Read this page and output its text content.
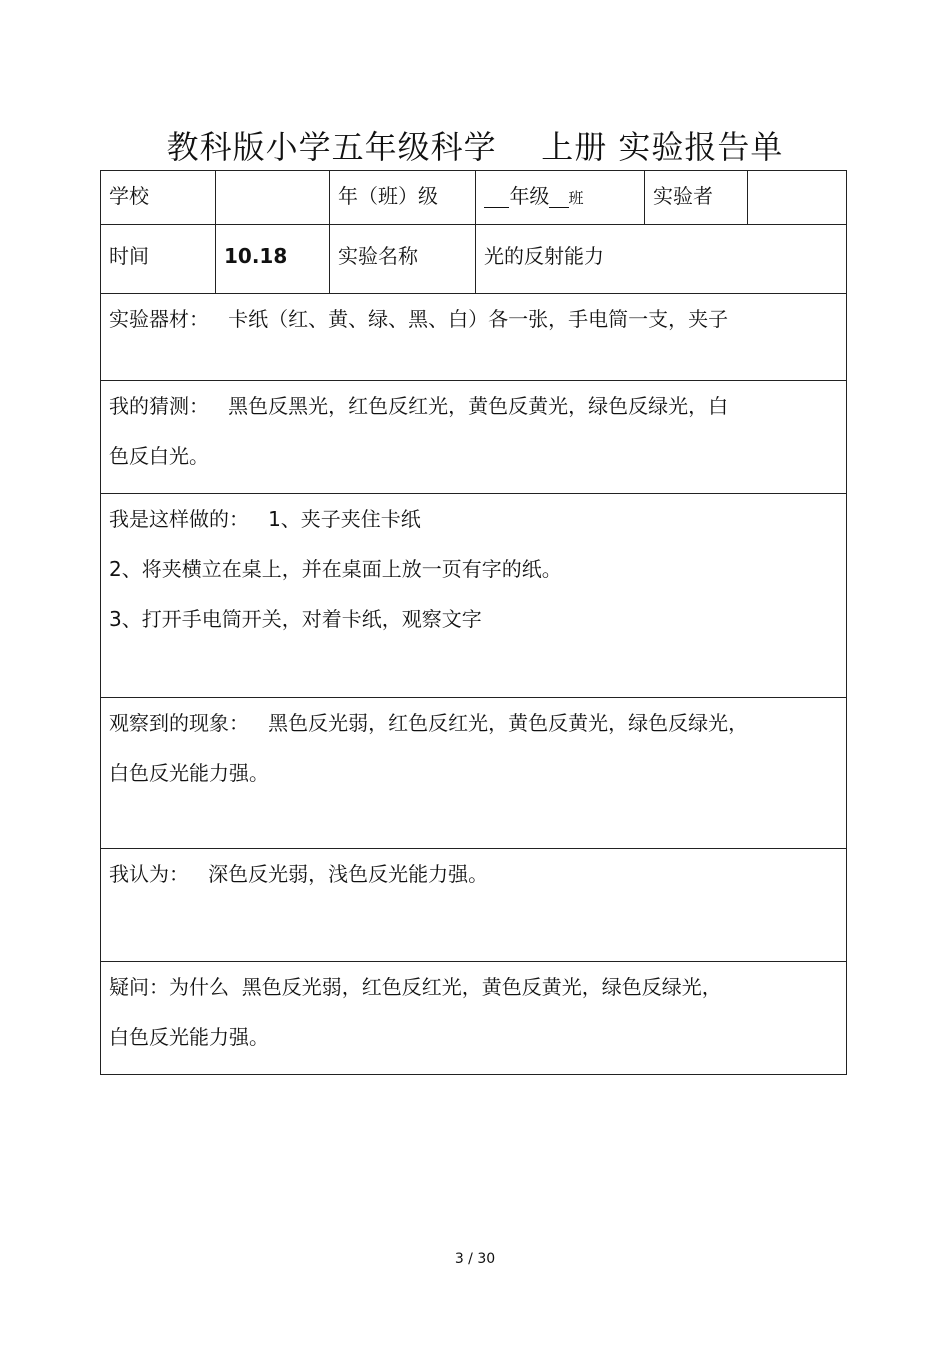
教科版小学五年级科学    上册 实验报告单
学校		年（班）级	年级 班	实验者	
时间	10.18	实验名称	光的反射能力		

实验器材：   卡纸（红、黄、绿、黑、白）各一张，手电筒一支，夹子					

我的猜测：   黑色反黑光，红色反红光，黄色反黄光，绿色反绿光，白
色反白光。					

我是这样做的：   1、夹子夹住卡纸
2、将夹横立在桌上，并在桌面上放一页有字的纸。
3、打开手电筒开关，对着卡纸，观察文字					

观察到的现象：   黑色反光弱，红色反红光，黄色反黄光，绿色反绿光，
白色反光能力强。					

我认为：   深色反光弱，浅色反光能力强。					

疑问：为什么  黑色反光弱，红色反红光，黄色反黄光，绿色反绿光，
白色反光能力强。					
3 / 30
